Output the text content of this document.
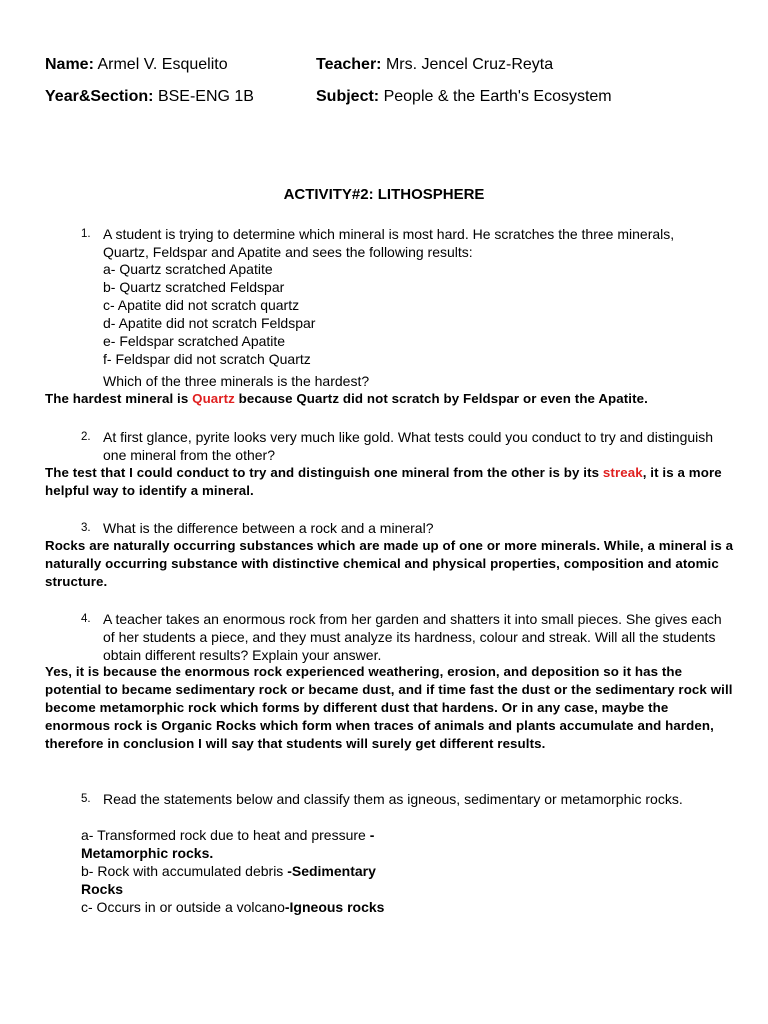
Name: Armel V. Esquelito	Teacher: Mrs. Jencel Cruz-Reyta
Year&Section: BSE-ENG 1B	Subject: People & the Earth's Ecosystem
ACTIVITY#2: LITHOSPHERE
1. A student is trying to determine which mineral is most hard. He scratches the three minerals, Quartz, Feldspar and Apatite and sees the following results:
a- Quartz scratched Apatite
b- Quartz scratched Feldspar
c- Apatite did not scratch quartz
d- Apatite did not scratch Feldspar
e- Feldspar scratched Apatite
f- Feldspar did not scratch Quartz
Which of the three minerals is the hardest?
The hardest mineral is Quartz because Quartz did not scratch by Feldspar or even the Apatite.
2. At first glance, pyrite looks very much like gold. What tests could you conduct to try and distinguish one mineral from the other?
The test that I could conduct to try and distinguish one mineral from the other is by its streak, it is a more helpful way to identify a mineral.
3. What is the difference between a rock and a mineral?
Rocks are naturally occurring substances which are made up of one or more minerals. While, a mineral is a naturally occurring substance with distinctive chemical and physical properties, composition and atomic structure.
4. A teacher takes an enormous rock from her garden and shatters it into small pieces. She gives each of her students a piece, and they must analyze its hardness, colour and streak. Will all the students obtain different results? Explain your answer.
Yes, it is because the enormous rock experienced weathering, erosion, and deposition so it has the potential to became sedimentary rock or became dust, and if time fast the dust or the sedimentary rock will become metamorphic rock which forms by different dust that hardens. Or in any case, maybe the enormous rock is Organic Rocks which form when traces of animals and plants accumulate and harden, therefore in conclusion I will say that students will surely get different results.
5. Read the statements below and classify them as igneous, sedimentary or metamorphic rocks.
a- Transformed rock due to heat and pressure -
Metamorphic rocks.
b- Rock with accumulated debris -Sedimentary
Rocks
c- Occurs in or outside a volcano-Igneous rocks
